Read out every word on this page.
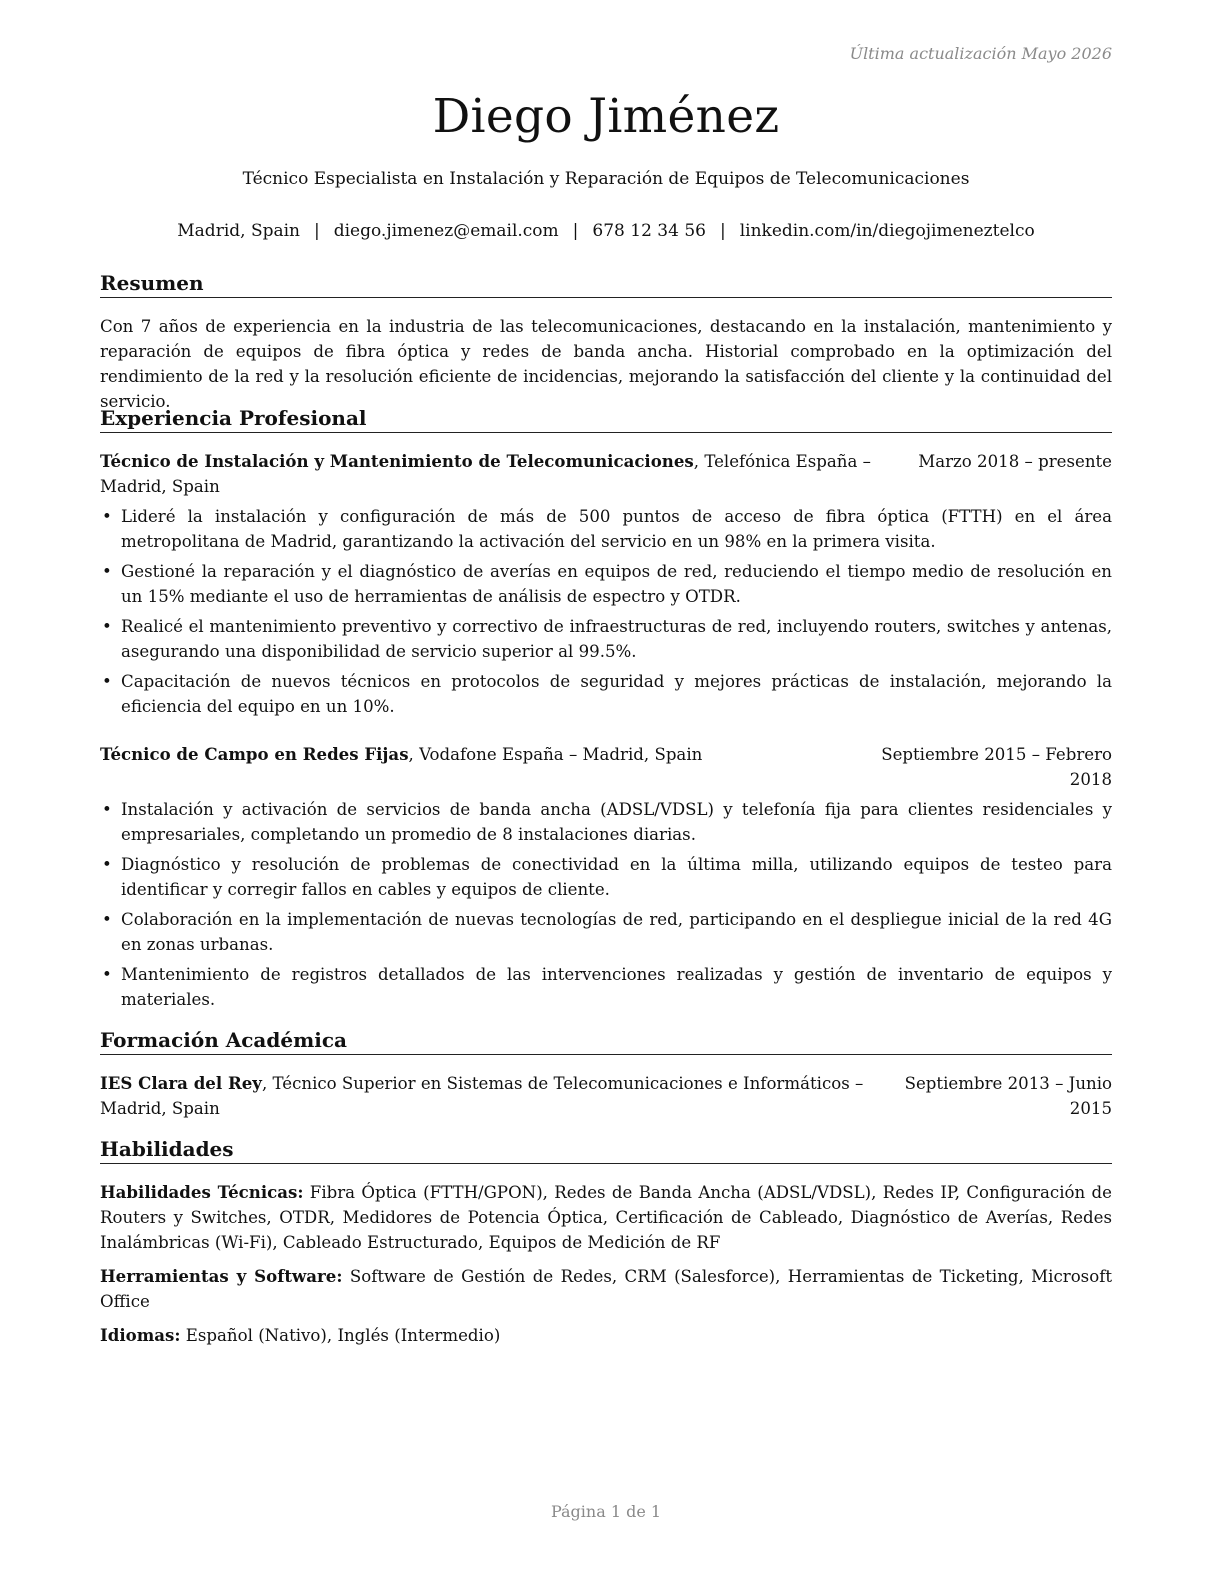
Última actualización Mayo 2026
Diego Jiménez
Técnico Especialista en Instalación y Reparación de Equipos de Telecomunicaciones
Madrid, Spain | diego.jimenez@email.com | 678 12 34 56 | linkedin.com/in/diegojimeneztelco
Resumen
Con 7 años de experiencia en la industria de las telecomunicaciones, destacando en la instalación, mantenimiento y reparación de equipos de fibra óptica y redes de banda ancha. Historial comprobado en la optimización del rendimiento de la red y la resolución eficiente de incidencias, mejorando la satisfacción del cliente y la continuidad del servicio.
Experiencia Profesional
Técnico de Instalación y Mantenimiento de Telecomunicaciones, Telefónica España –
Madrid, Spain
Marzo 2018 – presente
• Lideré la instalación y configuración de más de 500 puntos de acceso de fibra óptica (FTTH) en el área metropolitana de Madrid, garantizando la activación del servicio en un 98% en la primera visita.
• Gestioné la reparación y el diagnóstico de averías en equipos de red, reduciendo el tiempo medio de resolución en un 15% mediante el uso de herramientas de análisis de espectro y OTDR.
• Realicé el mantenimiento preventivo y correctivo de infraestructuras de red, incluyendo routers, switches y antenas, asegurando una disponibilidad de servicio superior al 99.5%.
• Capacitación de nuevos técnicos en protocolos de seguridad y mejores prácticas de instalación, mejorando la eficiencia del equipo en un 10%.
Técnico de Campo en Redes Fijas, Vodafone España – Madrid, Spain	Septiembre 2015 – Febrero
2018
• Instalación y activación de servicios de banda ancha (ADSL/VDSL) y telefonía fija para clientes residenciales y empresariales, completando un promedio de 8 instalaciones diarias.
• Diagnóstico y resolución de problemas de conectividad en la última milla, utilizando equipos de testeo para identificar y corregir fallos en cables y equipos de cliente.
• Colaboración en la implementación de nuevas tecnologías de red, participando en el despliegue inicial de la red 4G en zonas urbanas.
• Mantenimiento de registros detallados de las intervenciones realizadas y gestión de inventario de equipos y materiales.
Formación Académica
IES Clara del Rey, Técnico Superior en Sistemas de Telecomunicaciones e Informáticos –
Madrid, Spain
Septiembre 2013 – Junio
2015
Habilidades
Habilidades Técnicas: Fibra Óptica (FTTH/GPON), Redes de Banda Ancha (ADSL/VDSL), Redes IP, Configuración de Routers y Switches, OTDR, Medidores de Potencia Óptica, Certificación de Cableado, Diagnóstico de Averías, Redes Inalámbricas (Wi-Fi), Cableado Estructurado, Equipos de Medición de RF
Herramientas y Software: Software de Gestión de Redes, CRM (Salesforce), Herramientas de Ticketing, Microsoft Office
Idiomas: Español (Nativo), Inglés (Intermedio)
Página 1 de 1
